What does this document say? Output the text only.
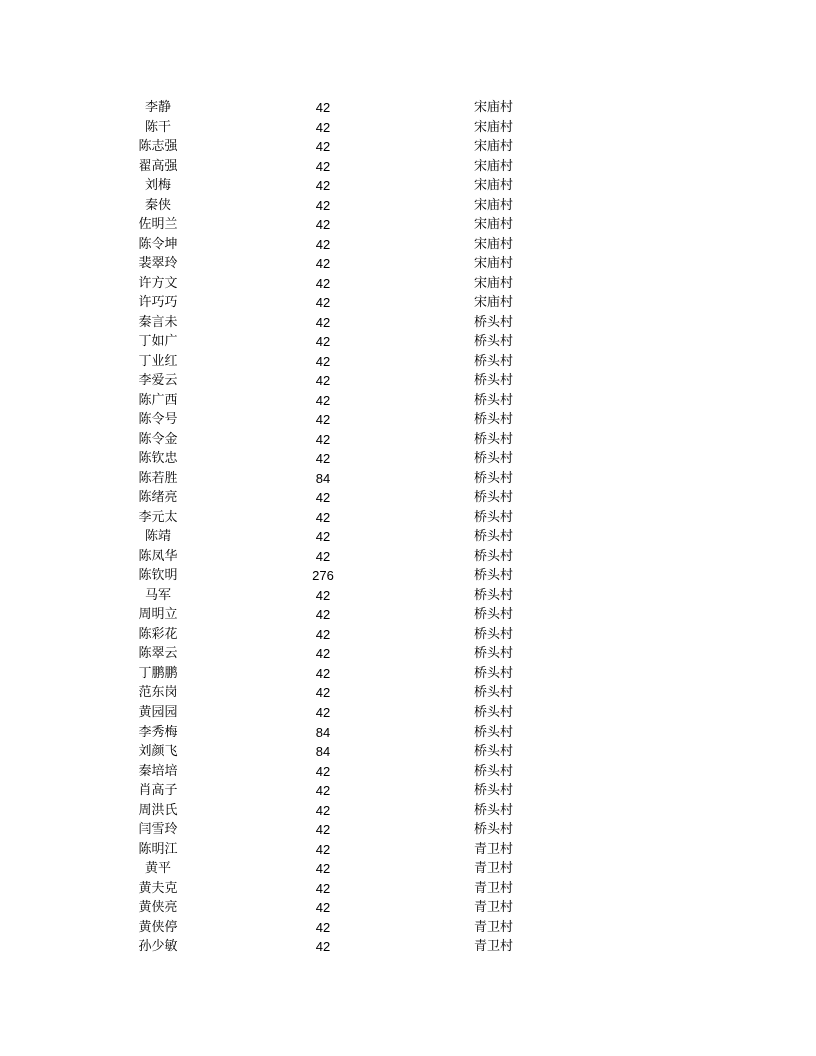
李静	42	宋庙村
陈干	42	宋庙村
陈志强	42	宋庙村
翟高强	42	宋庙村
刘梅	42	宋庙村
秦侠	42	宋庙村
佐明兰	42	宋庙村
陈令坤	42	宋庙村
裴翠玲	42	宋庙村
许方文	42	宋庙村
许巧巧	42	宋庙村
秦言未	42	桥头村
丁如广	42	桥头村
丁业红	42	桥头村
李爱云	42	桥头村
陈广西	42	桥头村
陈令号	42	桥头村
陈令金	42	桥头村
陈钦忠	42	桥头村
陈若胜	84	桥头村
陈绪亮	42	桥头村
李元太	42	桥头村
陈靖	42	桥头村
陈凤华	42	桥头村
陈钦明	276	桥头村
马军	42	桥头村
周明立	42	桥头村
陈彩花	42	桥头村
陈翠云	42	桥头村
丁鹏鹏	42	桥头村
范东岗	42	桥头村
黄园园	42	桥头村
李秀梅	84	桥头村
刘颜飞	84	桥头村
秦培培	42	桥头村
肖高子	42	桥头村
周洪氏	42	桥头村
闫雪玲	42	桥头村
陈明江	42	青卫村
黄平	42	青卫村
黄夫克	42	青卫村
黄侠亮	42	青卫村
黄侠停	42	青卫村
孙少敏	42	青卫村
